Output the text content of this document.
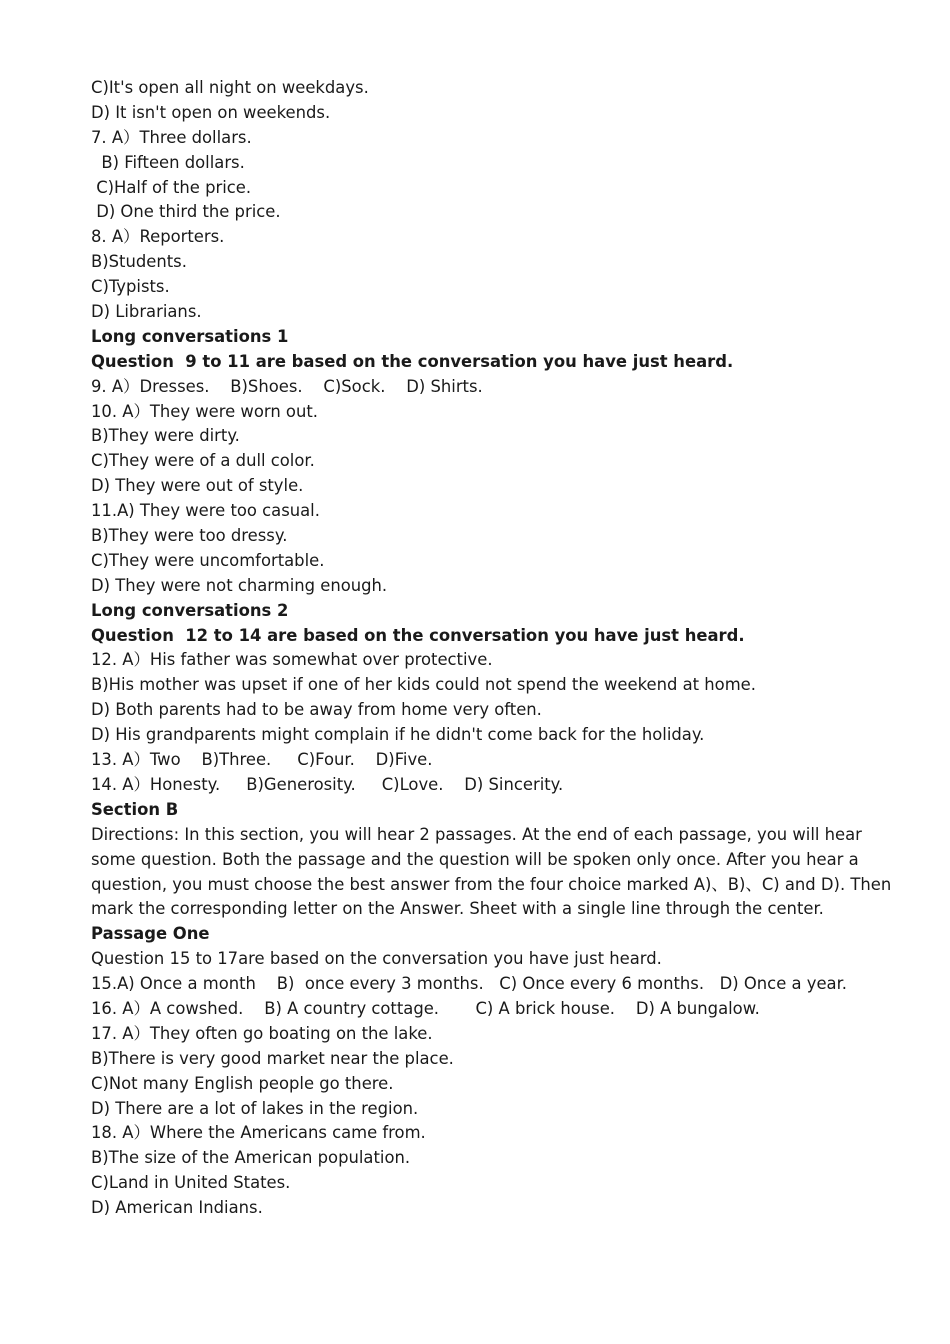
C)It's open all night on weekdays.
D) It isn't open on weekends.
7. A）Three dollars.
B) Fifteen dollars.
C)Half of the price.
D) One third the price.
8. A）Reporters.
B)Students.
C)Typists.
D) Librarians.
Long conversations 1
Question  9 to 11 are based on the conversation you have just heard.
9. A）Dresses.    B)Shoes.    C)Sock.    D) Shirts.
10. A）They were worn out.
B)They were dirty.
C)They were of a dull color.
D) They were out of style.
11.A) They were too casual.
B)They were too dressy.
C)They were uncomfortable.
D) They were not charming enough.
Long conversations 2
Question  12 to 14 are based on the conversation you have just heard.
12. A）His father was somewhat over protective.
B)His mother was upset if one of her kids could not spend the weekend at home.
D) Both parents had to be away from home very often.
D) His grandparents might complain if he didn't come back for the holiday.
13. A）Two    B)Three.     C)Four.    D)Five.
14. A）Honesty.     B)Generosity.     C)Love.    D) Sincerity.
Section B
Directions: In this section, you will hear 2 passages. At the end of each passage, you will hear
some question. Both the passage and the question will be spoken only once. After you hear a
question, you must choose the best answer from the four choice marked A)、B)、C) and D). Then
mark the corresponding letter on the Answer. Sheet with a single line through the center.
Passage One
Question 15 to 17are based on the conversation you have just heard.
15.A) Once a month    B)  once every 3 months.   C) Once every 6 months.   D) Once a year.
16. A）A cowshed.    B) A country cottage.       C) A brick house.    D) A bungalow.
17. A）They often go boating on the lake.
B)There is very good market near the place.
C)Not many English people go there.
D) There are a lot of lakes in the region.
18. A）Where the Americans came from.
B)The size of the American population.
C)Land in United States.
D) American Indians.
